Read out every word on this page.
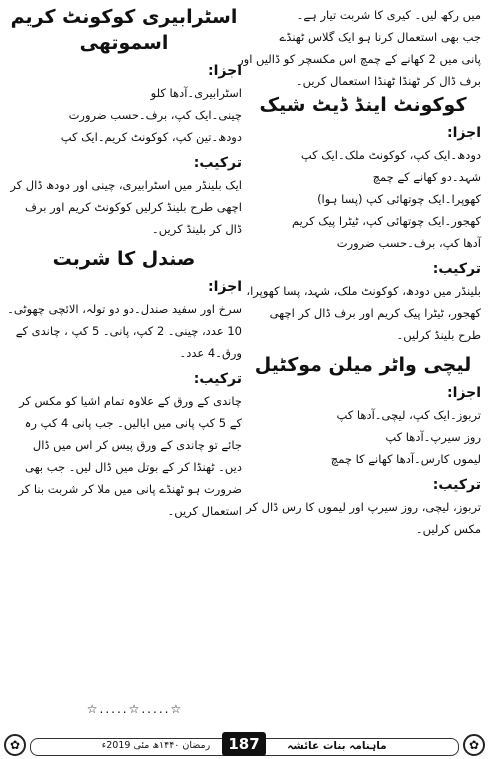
میں رکھ لیں۔ کیری کا شربت تیار ہے۔
جب بھی استعمال کرنا ہو ایک گلاس ٹھنڈے
پانی میں 2 کھانے کے چمچ اس مکسچر کو ڈالیں اور
برف ڈال کر ٹھنڈا ٹھنڈا استعمال کریں۔
کوکونٹ اینڈ ڈیٹ شیک
اجزا:
دودھ۔ایک کپ، کوکونٹ ملک۔ایک کپ
شہد۔دو کھانے کے چمچ
کھوپرا۔ایک چوتھائی کپ (پسا ہوا)
کھجور۔ایک چوتھائی کپ، ٹیٹرا پیک کریم
آدھا کپ، برف۔حسب ضرورت
ترکیب:
بلینڈر میں دودھ، کوکونٹ ملک، شہد، پسا کھوپرا، کھجور، ٹیٹرا پیک کریم اور برف ڈال کر اچھی طرح بلینڈ کرلیں۔
لیچی واٹر میلن موکٹیل
اجزا:
تربوز۔ایک کپ، لیچی۔آدھا کپ
روز سیرپ۔آدھا کپ
لیموں کارس۔آدھا کھانے کا چمچ
ترکیب:
تربوز، لیچی، روز سیرپ اور لیموں کا رس ڈال کر مکس کرلیں۔
اسٹرابیری کوکونٹ کریم
اسموتھی
اجزا:
اسٹرابیری۔آدھا کلو
چینی۔ایک کپ، برف۔حسب ضرورت
دودھ۔تین کپ، کوکونٹ کریم۔ایک کپ
ترکیب:
ایک بلینڈر میں اسٹرابیری، چینی اور دودھ ڈال کر اچھی طرح بلینڈ کرلیں کوکونٹ کریم اور برف ڈال کر بلینڈ کریں۔
صندل کا شربت
اجزا:
سرخ اور سفید صندل۔دو دو تولہ، الائچی چھوٹی۔ 10 عدد، چینی۔ 2 کپ، پانی۔ 5 کپ ، چاندی کے ورق۔4 عدد۔
ترکیب:
چاندی کے ورق کے علاوہ تمام اشیا کو مکس کر کے 5 کپ پانی میں ابالیں۔ جب پانی 4 کپ رہ جائے تو چاندی کے ورق پیس کر اس میں ڈال دیں۔ ٹھنڈا کر کے بوتل میں ڈال لیں۔ جب بھی ضرورت ہو ٹھنڈے پانی میں ملا کر شربت بنا کر استعمال کریں۔
☆.....☆.....☆
✿	رمضان ۱۴۴۰ھ مئی 2019ء	187	ماہنامہ بنات عائشہ	✿
